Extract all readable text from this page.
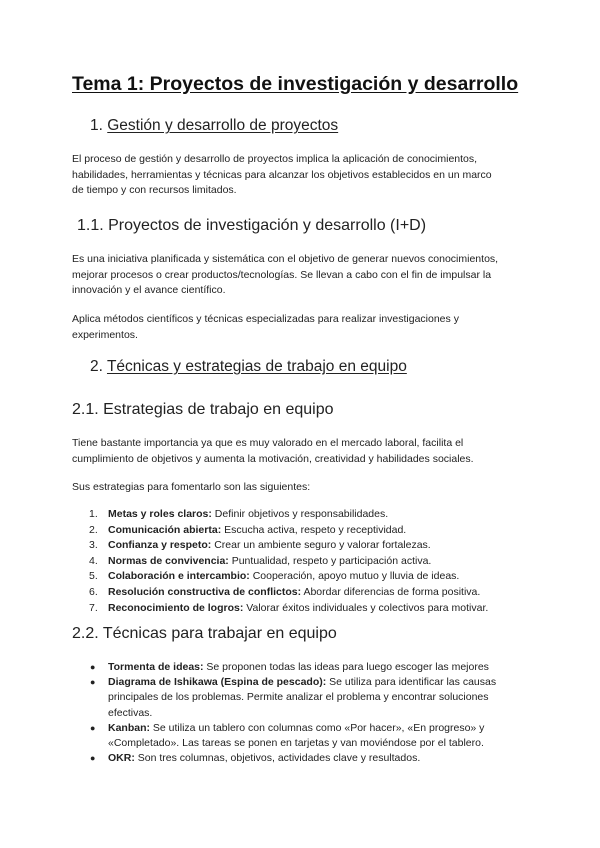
Tema 1: Proyectos de investigación y desarrollo
1. Gestión y desarrollo de proyectos
El proceso de gestión y desarrollo de proyectos implica la aplicación de conocimientos,
habilidades, herramientas y técnicas para alcanzar los objetivos establecidos en un marco
de tiempo y con recursos limitados.
1.1. Proyectos de investigación y desarrollo (I+D)
Es una iniciativa planificada y sistemática con el objetivo de generar nuevos conocimientos,
mejorar procesos o crear productos/tecnologías. Se llevan a cabo con el fin de impulsar la
innovación y el avance científico.
Aplica métodos científicos y técnicas especializadas para realizar investigaciones y
experimentos.
2. Técnicas y estrategias de trabajo en equipo
2.1. Estrategias de trabajo en equipo
Tiene bastante importancia ya que es muy valorado en el mercado laboral, facilita el
cumplimiento de objetivos y aumenta la motivación, creatividad y habilidades sociales.
Sus estrategias para fomentarlo son las siguientes:
1. Metas y roles claros: Definir objetivos y responsabilidades.
2. Comunicación abierta: Escucha activa, respeto y receptividad.
3. Confianza y respeto: Crear un ambiente seguro y valorar fortalezas.
4. Normas de convivencia: Puntualidad, respeto y participación activa.
5. Colaboración e intercambio: Cooperación, apoyo mutuo y lluvia de ideas.
6. Resolución constructiva de conflictos: Abordar diferencias de forma positiva.
7. Reconocimiento de logros: Valorar éxitos individuales y colectivos para motivar.
2.2. Técnicas para trabajar en equipo
● Tormenta de ideas: Se proponen todas las ideas para luego escoger las mejores
● Diagrama de Ishikawa (Espina de pescado): Se utiliza para identificar las causas
principales de los problemas. Permite analizar el problema y encontrar soluciones
efectivas.
● Kanban: Se utiliza un tablero con columnas como «Por hacer», «En progreso» y
«Completado». Las tareas se ponen en tarjetas y van moviéndose por el tablero.
● OKR: Son tres columnas, objetivos, actividades clave y resultados.
